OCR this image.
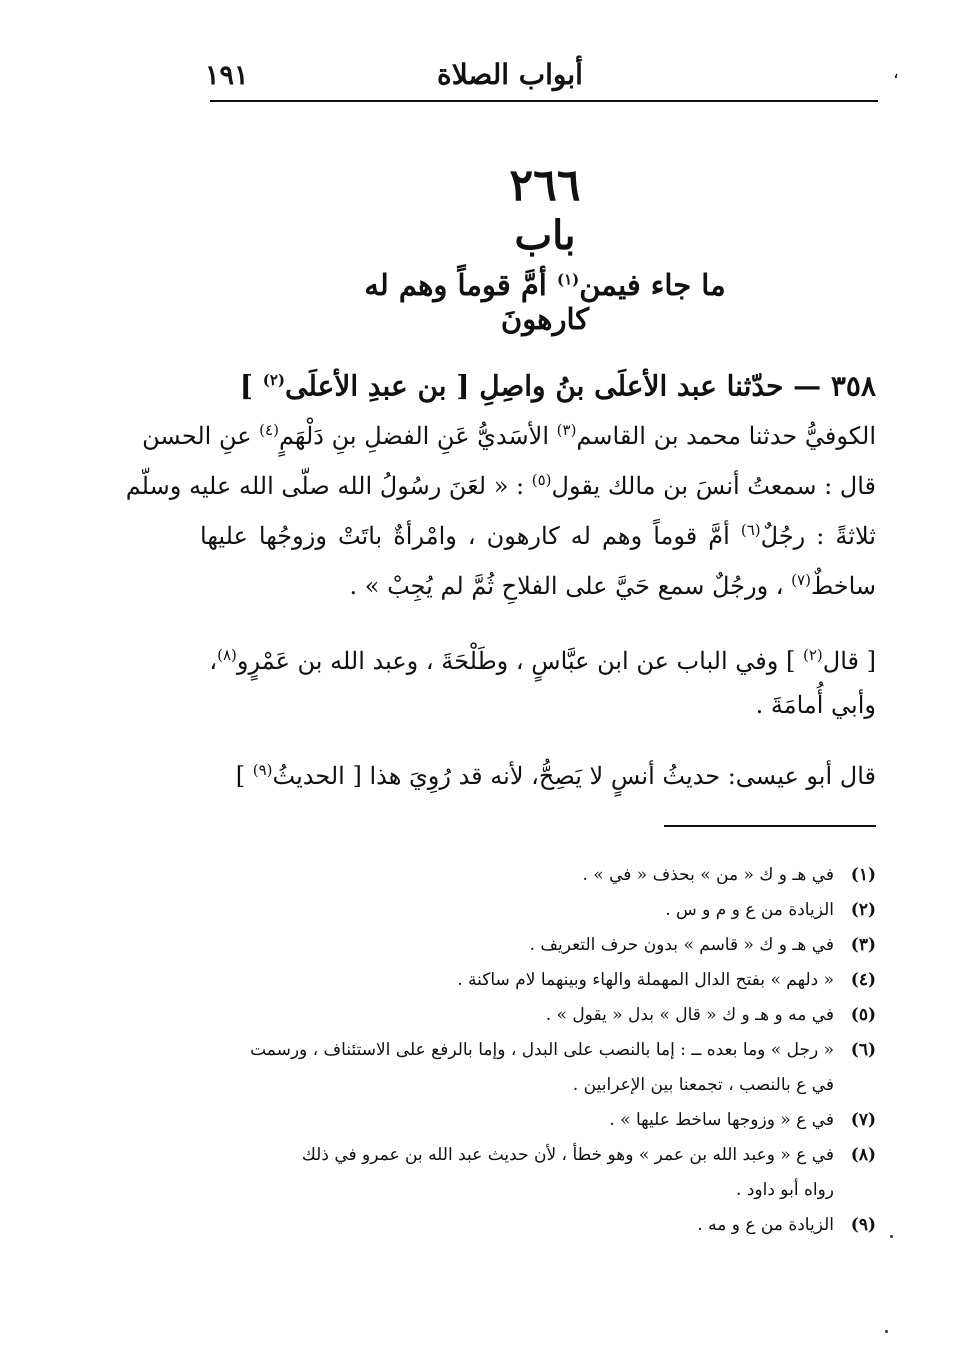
،
أبواب الصلاة
١٩١
٢٦٦
باب
ما جاء فيمن$^{(١)}$ أمَّ قوماً وهم له كارهونَ
٣٥٨ — حدّثنا عبد الأعلَى بنُ واصِلِ [ بن عبدِ الأعلَى$^{(٢)}$ ]
الكوفيُّ حدثنا محمد بن القاسم$^{(٣)}$ الأسَديُّ عَنِ الفضلِ بنِ دَلْهَمٍ$^{(٤)}$ عنِ الحسن
قال : سمعتُ أنسَ بن مالك يقول$^{(٥)}$ : « لعَنَ رسُولُ الله صلّى الله عليه وسلّم
ثلاثةً : رجُلٌ$^{(٦)}$ أمَّ قوماً وهم له كارهون ، وامْرأةٌ باتَتْ وزوجُها عليها
ساخطٌ$^{(٧)}$ ، ورجُلٌ سمع حَيَّ على الفلاحِ ثُمَّ لم يُجِبْ » .
[ قال$^{(٢)}$ ] وفي الباب عن ابن عبَّاسٍ ، وطَلْحَةَ ، وعبد الله بن عَمْرٍو$^{(٨)}$،
وأبي أُمامَةَ .
قال أبو عيسى: حديثُ أنسٍ لا يَصِحُّ، لأنه قد رُوِيَ هذا [ الحديثُ$^{(٩)}$ ]
(١)في هـ و ك « من » بحذف « في » .
(٢)الزيادة من ع و م و س .
(٣)في هـ و ك « قاسم » بدون حرف التعريف .
(٤)« دلهم » بفتح الدال المهملة والهاء وبينهما لام ساكنة .
(٥)في مه و هـ و ك « قال » بدل « يقول » .
(٦)« رجل » وما بعده ــ : إما بالنصب على البدل ، وإما بالرفع على الاستئناف ، ورسمت
في ع بالنصب ، تجمعنا بين الإعرابين .
(٧)في ع « وزوجها ساخط عليها » .
(٨)في ع « وعبد الله بن عمر » وهو خطأ ، لأن حديث عبد الله بن عمرو في ذلك
رواه أبو داود .
(٩)الزيادة من ع و مه .
